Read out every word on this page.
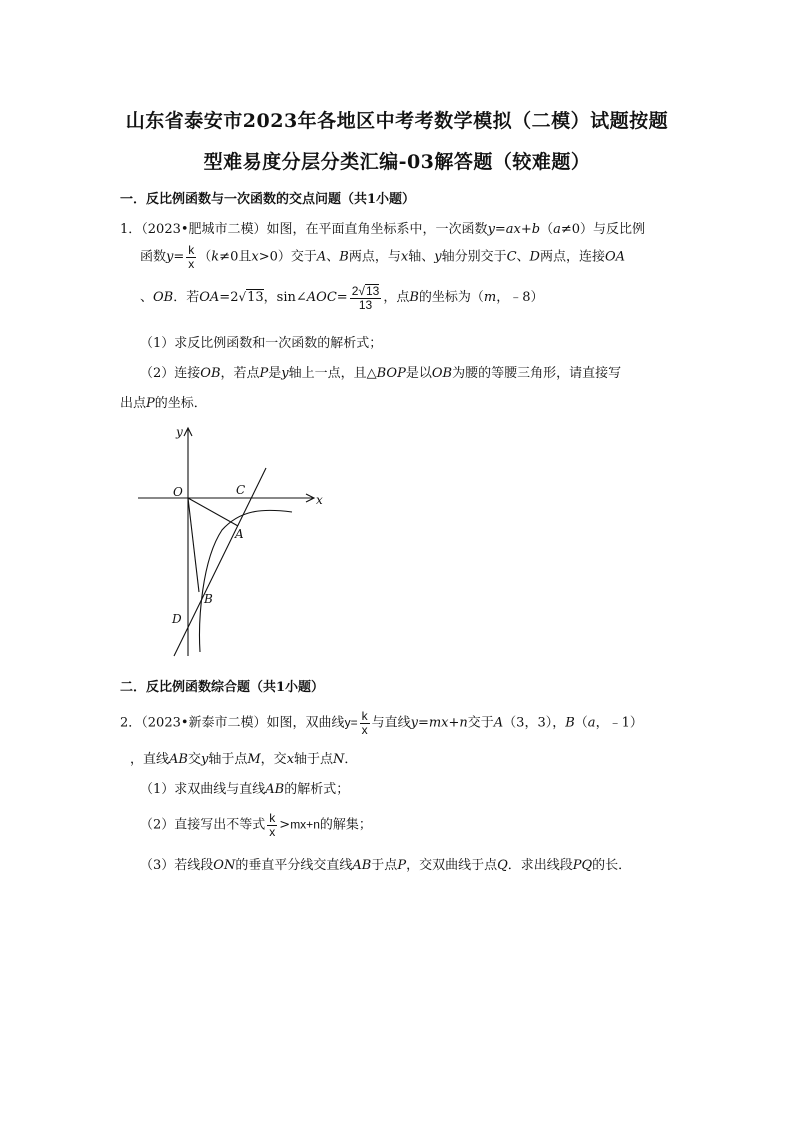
山东省泰安市2023年各地区中考考数学模拟（二模）试题按题
型难易度分层分类汇编-03解答题（较难题）
一．反比例函数与一次函数的交点问题（共1小题）
1．（2023•肥城市二模）如图，在平面直角坐标系中，一次函数y=ax+b（a≠0）与反比例
函数$y= \frac{k}{x} (k\ne 0$且x>0）交于A、B两点，与x轴、y轴分别交于C、D两点，连接OA
、OB．若OA=2√13，sin∠AOC= $\frac{2√13}{13}$ ，点B的坐标为（m，﹣8）
（1）求反比例函数和一次函数的解析式；
（2）连接OB，若点P是y轴上一点，且△BOP是以OB为腰的等腰三角形，请直接写
出点P的坐标．
y
x
O	C
A
B
D
二．反比例函数综合题（共1小题）
2．（2023•新泰市二模）如图，双曲线$y= \frac{k}{x}$ 与直线y=mx+n交于A（3，3），B（a，﹣1）
，直线AB交y轴于点M，交x轴于点N．
（1）求双曲线与直线AB的解析式；
（2）直接写出不等式 $\frac{k}{x} >mx+n$的解集；
（3）若线段ON的垂直平分线交直线AB于点P，交双曲线于点Q．求出线段PQ的长．
